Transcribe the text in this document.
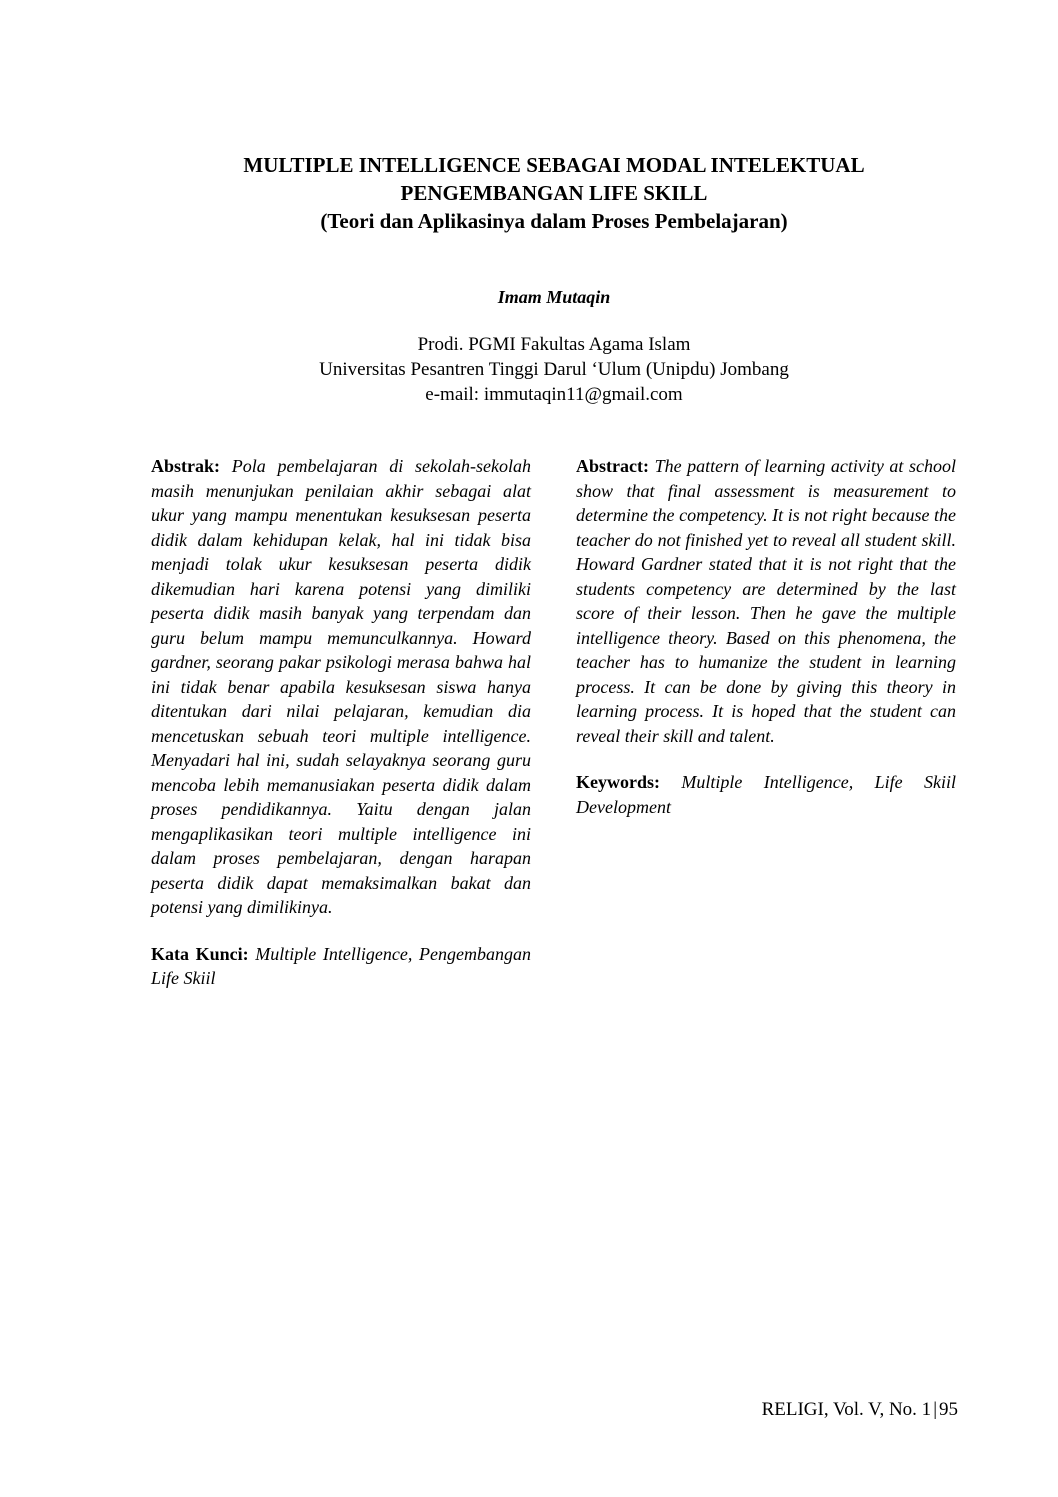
MULTIPLE INTELLIGENCE SEBAGAI MODAL INTELEKTUAL
PENGEMBANGAN LIFE SKILL
(Teori dan Aplikasinya dalam Proses Pembelajaran)
Imam Mutaqin
Prodi. PGMI Fakultas Agama Islam
Universitas Pesantren Tinggi Darul ‘Ulum (Unipdu) Jombang
e-mail: immutaqin11@gmail.com

Abstrak: Pola pembelajaran di sekolah-sekolah masih menunjukan penilaian akhir sebagai alat ukur yang mampu menentukan kesuksesan peserta didik dalam kehidupan kelak, hal ini tidak bisa menjadi tolak ukur kesuksesan peserta didik dikemudian hari karena potensi yang dimiliki peserta didik masih banyak yang terpendam dan guru belum mampu memunculkannya. Howard gardner, seorang pakar psikologi merasa bahwa hal ini tidak benar apabila kesuksesan siswa hanya ditentukan dari nilai pelajaran, kemudian dia mencetuskan sebuah teori multiple intelligence. Menyadari hal ini, sudah selayaknya seorang guru mencoba lebih memanusiakan peserta didik dalam proses pendidikannya. Yaitu dengan jalan mengaplikasikan teori multiple intelligence ini dalam proses pembelajaran, dengan harapan peserta didik dapat memaksimalkan bakat dan potensi yang dimilikinya.

Kata Kunci: Multiple Intelligence, Pengembangan Life Skiil

Abstract: The pattern of learning activity at school show that final assessment is measurement to determine the competency. It is not right because the teacher do not finished yet to reveal all student skill. Howard Gardner stated that it is not right that the students competency are determined by the last score of their lesson. Then he gave the multiple intelligence theory. Based on this phenomena, the teacher has to humanize the student in learning process. It can be done by giving this theory in learning process. It is hoped that the student can reveal their skill and talent.

Keywords: Multiple Intelligence, Life Skiil Development

RELIGI, Vol. V, No. 1 | 95
